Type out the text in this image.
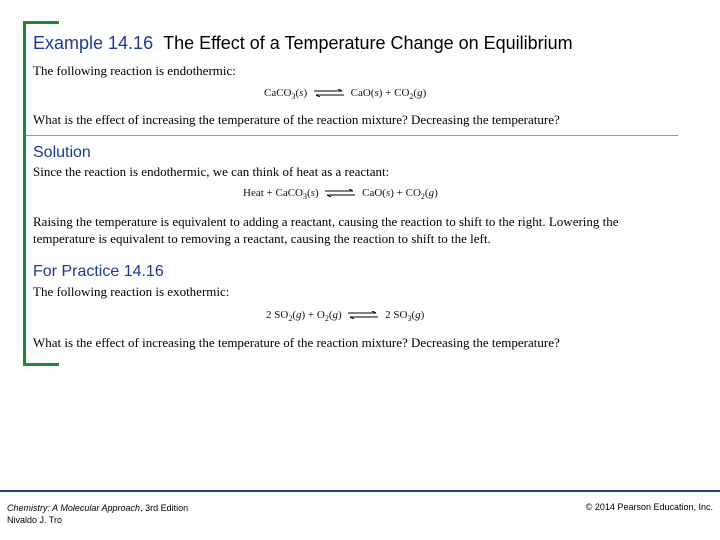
Example 14.16 The Effect of a Temperature Change on Equilibrium

The following reaction is endothermic:

CaCO$_3$(s) ⇌ $CaO(s) + CO_2(g)$

What is the effect of increasing the temperature of the reaction mixture? Decreasing the temperature?

Solution

Since the reaction is endothermic, we can think of heat as a reactant:

Heat + CaCO$_3$(s) ⇌ $CaO(s) + CO_2(g)$

Raising the temperature is equivalent to adding a reactant, causing the reaction to shift to the right. Lowering the temperature is equivalent to removing a reactant, causing the reaction to shift to the left.

For Practice 14.16

The following reaction is exothermic:

2 $SO_2(g) + O_2(g)$ ⇌ 2 $SO_3(g)$

What is the effect of increasing the temperature of the reaction mixture? Decreasing the temperature?

Chemistry: A Molecular Approach, 3rd Edition
Nivaldo J. Tro
© 2014 Pearson Education, Inc.
